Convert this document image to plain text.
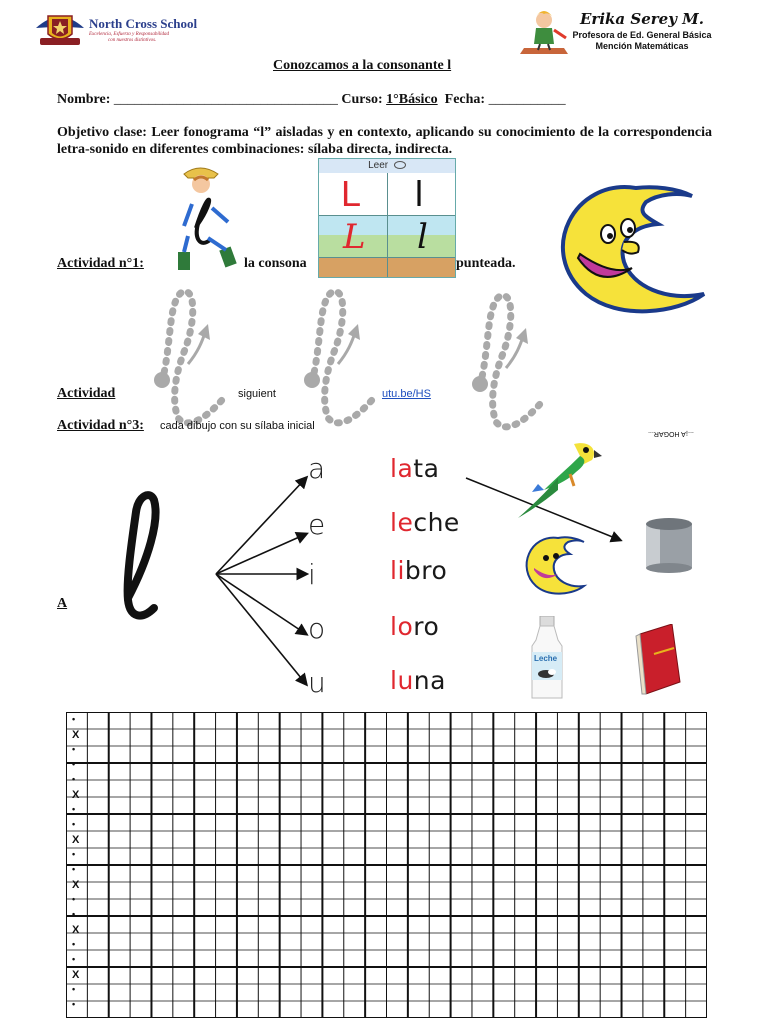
North Cross School
Excelencia, Esfuerzo y Responsabilidad
con nuestros distintivos.
Erika Serey M.
Profesora de Ed. General Básica
Mención Matemáticas
Conozcamos a la consonante l
Nombre: ________________________________ Curso: 1°Básico Fecha: ___________
Objetivo clase: Leer fonograma “l” aisladas y en contexto, aplicando su conocimiento de la correspondencia letra-sonido en diferentes combinaciones: sílaba directa, indirecta.
Actividad n°1:	la consona	punteada.
Leer
L l
L l
Actividad	siguient	utu.be/HS
Actividad n°3: cada dibujo con su sílaba inicial
...¡A HOGAR...
a
e
i
o
u
lata
leche
libro
loro
luna
Leche
A
•
X
•
•
•
X
•
•
X
•
•
X
•
•
X
•
•
X
•
•
